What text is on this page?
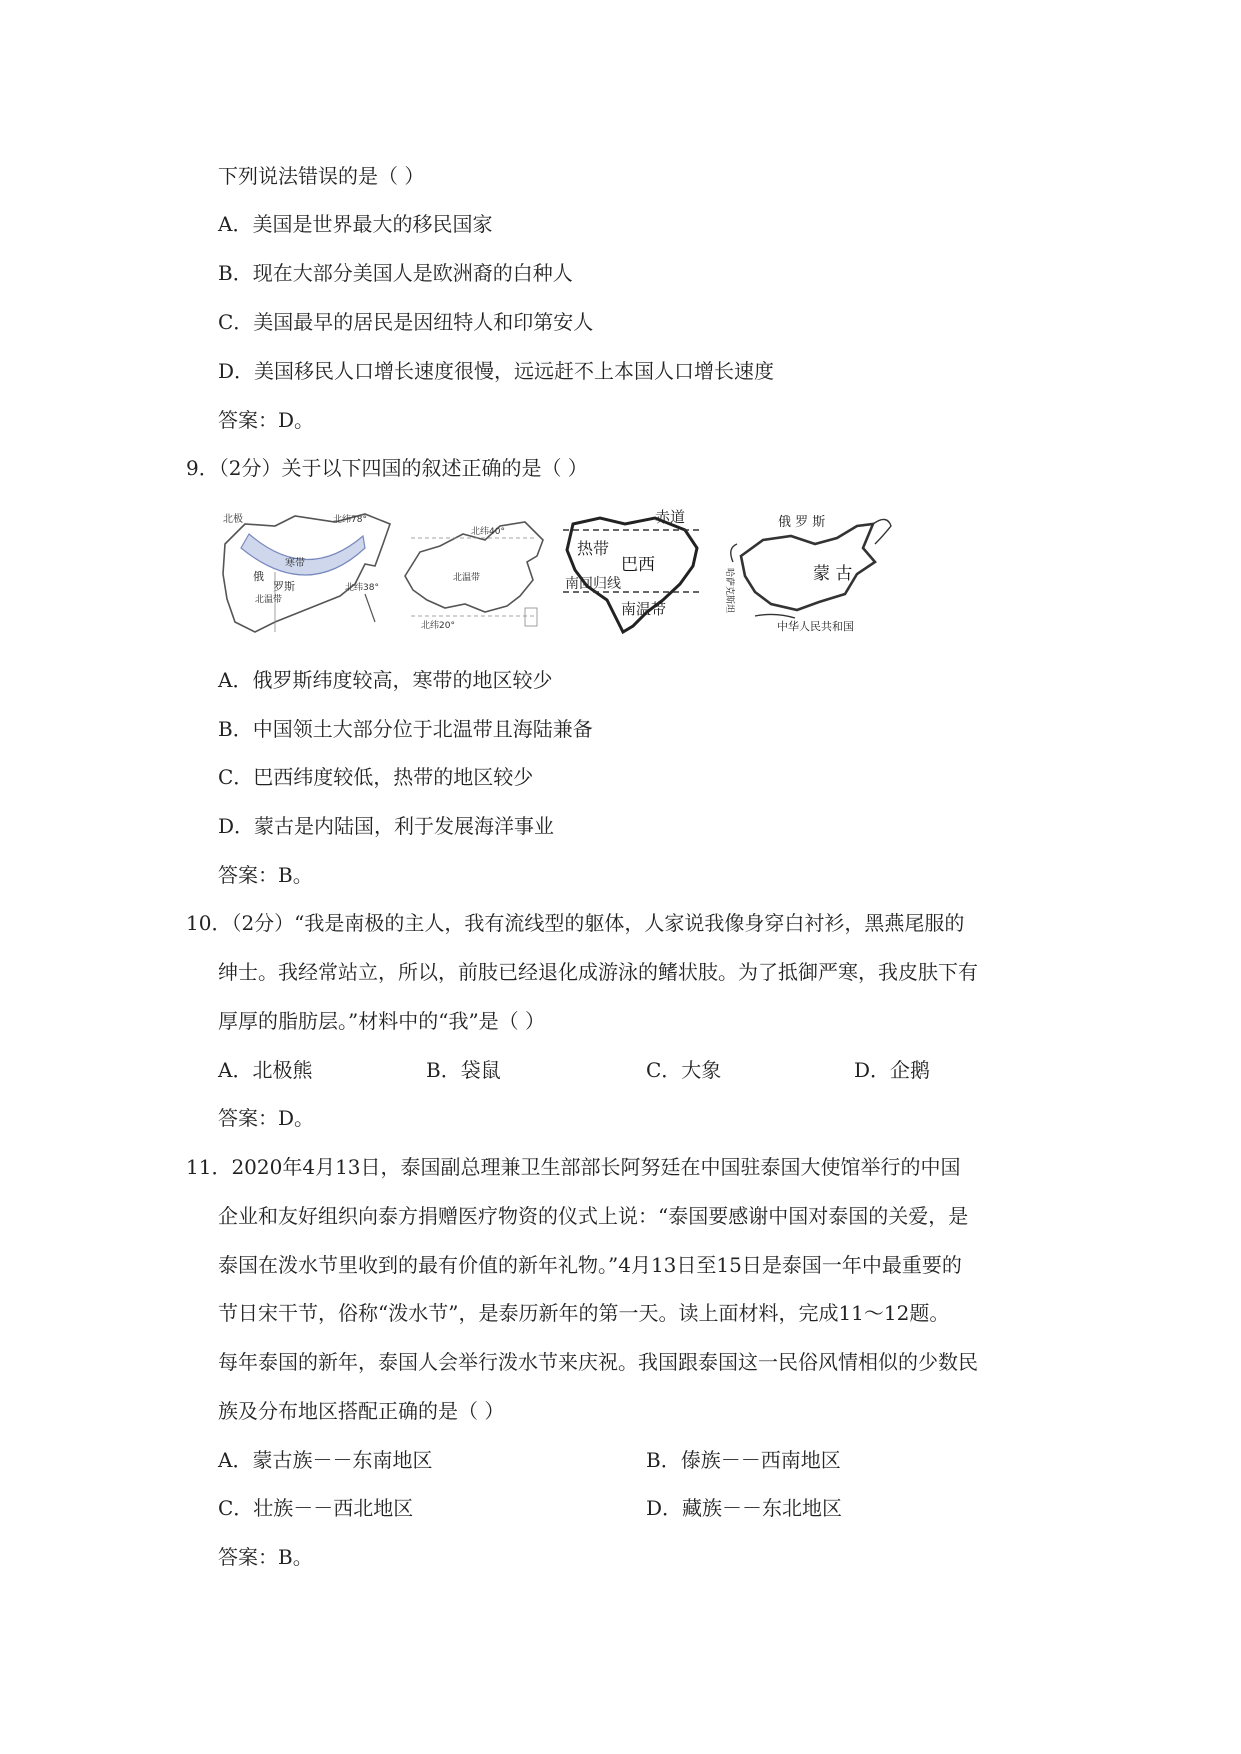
下列说法错误的是（ ）
A．美国是世界最大的移民国家
B．现在大部分美国人是欧洲裔的白种人
C．美国最早的居民是因纽特人和印第安人
D．美国移民人口增长速度很慢，远远赶不上本国人口增长速度
答案：D。
9．（2分）关于以下四国的叙述正确的是（ ）
北极	北纬78°
寒带
俄
罗斯
北温带
北纬38°
北纬40°
北温带
北纬20°
赤道
热带
巴西
南回归线
南温带
俄 罗 斯
蒙 古
中华人民共和国
哈萨克斯坦
A．俄罗斯纬度较高，寒带的地区较少
B．中国领土大部分位于北温带且海陆兼备
C．巴西纬度较低，热带的地区较少
D．蒙古是内陆国，利于发展海洋事业
答案：B。
10．（2分）“我是南极的主人，我有流线型的躯体，人家说我像身穿白衬衫，黑燕尾服的
绅士。我经常站立，所以，前肢已经退化成游泳的鳍状肢。为了抵御严寒，我皮肤下有
厚厚的脂肪层。”材料中的“我”是（ ）
A．北极熊	B．袋鼠	C．大象	D．企鹅
答案：D。
11．2020年4月13日，泰国副总理兼卫生部部长阿努廷在中国驻泰国大使馆举行的中国
企业和友好组织向泰方捐赠医疗物资的仪式上说：“泰国要感谢中国对泰国的关爱，是
泰国在泼水节里收到的最有价值的新年礼物。”4月13日至15日是泰国一年中最重要的
节日宋干节，俗称“泼水节”，是泰历新年的第一天。读上面材料，完成11～12题。
每年泰国的新年，泰国人会举行泼水节来庆祝。我国跟泰国这一民俗风情相似的少数民
族及分布地区搭配正确的是（ ）
A．蒙古族－－东南地区	B．傣族－－西南地区
C．壮族－－西北地区	D．藏族－－东北地区
答案：B。
